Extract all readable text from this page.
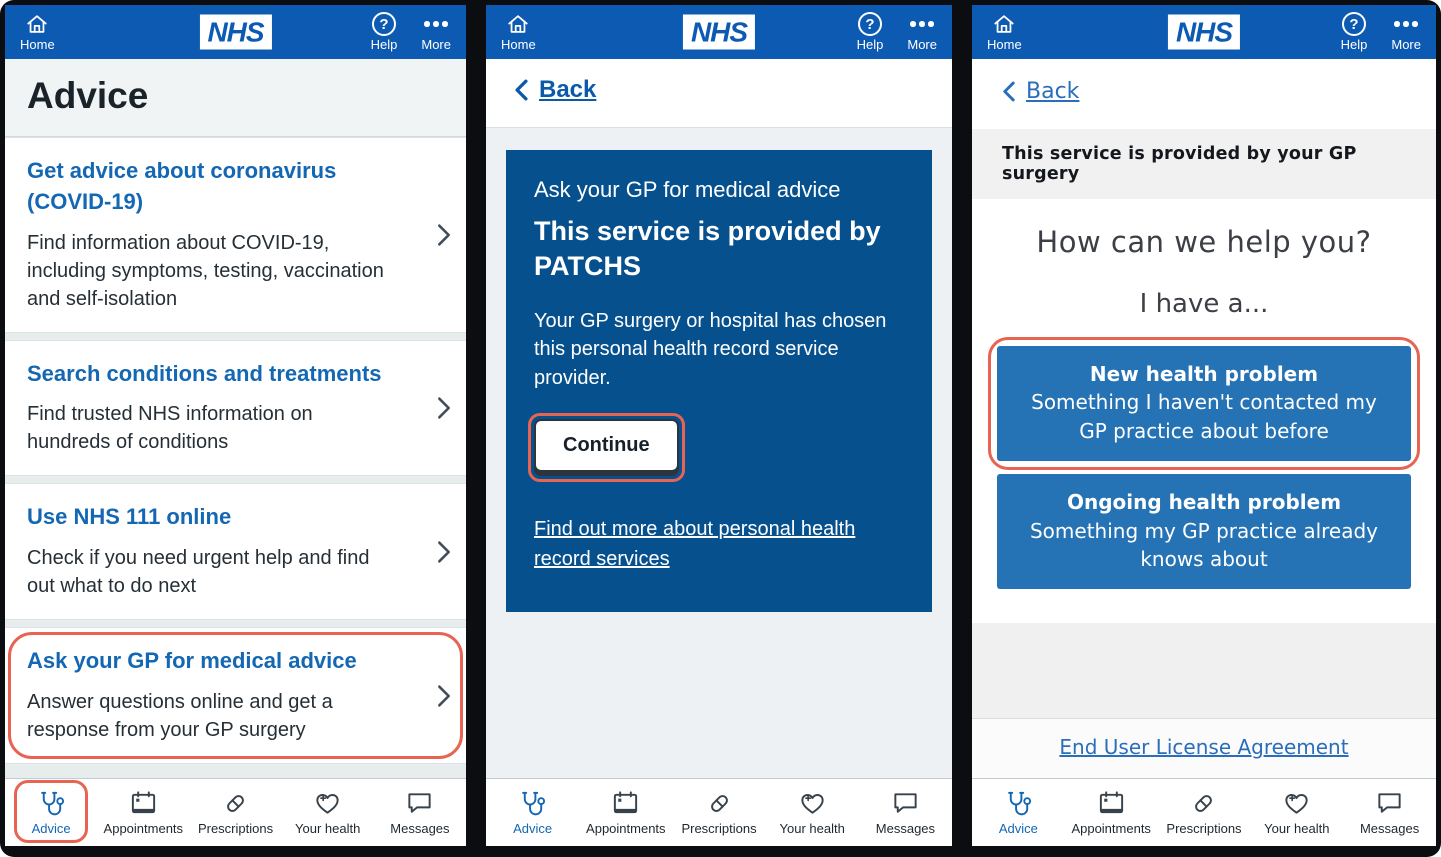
Home	NHS	?
Help More
Advice
Get advice about coronavirus (COVID-19)
Find information about COVID-19, including symptoms, testing, vaccination and self-isolation
Search conditions and treatments
Find trusted NHS information on hundreds of conditions
Use NHS 111 online
Check if you need urgent help and find out what to do next
Ask your GP for medical advice
Answer questions online and get a response from your GP surgery
Advice	Appointments Prescriptions Your health Messages
Home	NHS	?
Help More
Back
Ask your GP for medical advice
This service is provided by PATCHS
Your GP surgery or hospital has chosen this personal health record service provider.
Continue
Find out more about personal health record services
Advice	Appointments Prescriptions Your health Messages
Home	NHS	?
Help More
Back
This service is provided by your GP surgery
How can we help you?
I have a...
New health problem
Something I haven't contacted my GP practice about before
Ongoing health problem
Something my GP practice already knows about
End User License Agreement
Advice	Appointments Prescriptions Your health Messages
